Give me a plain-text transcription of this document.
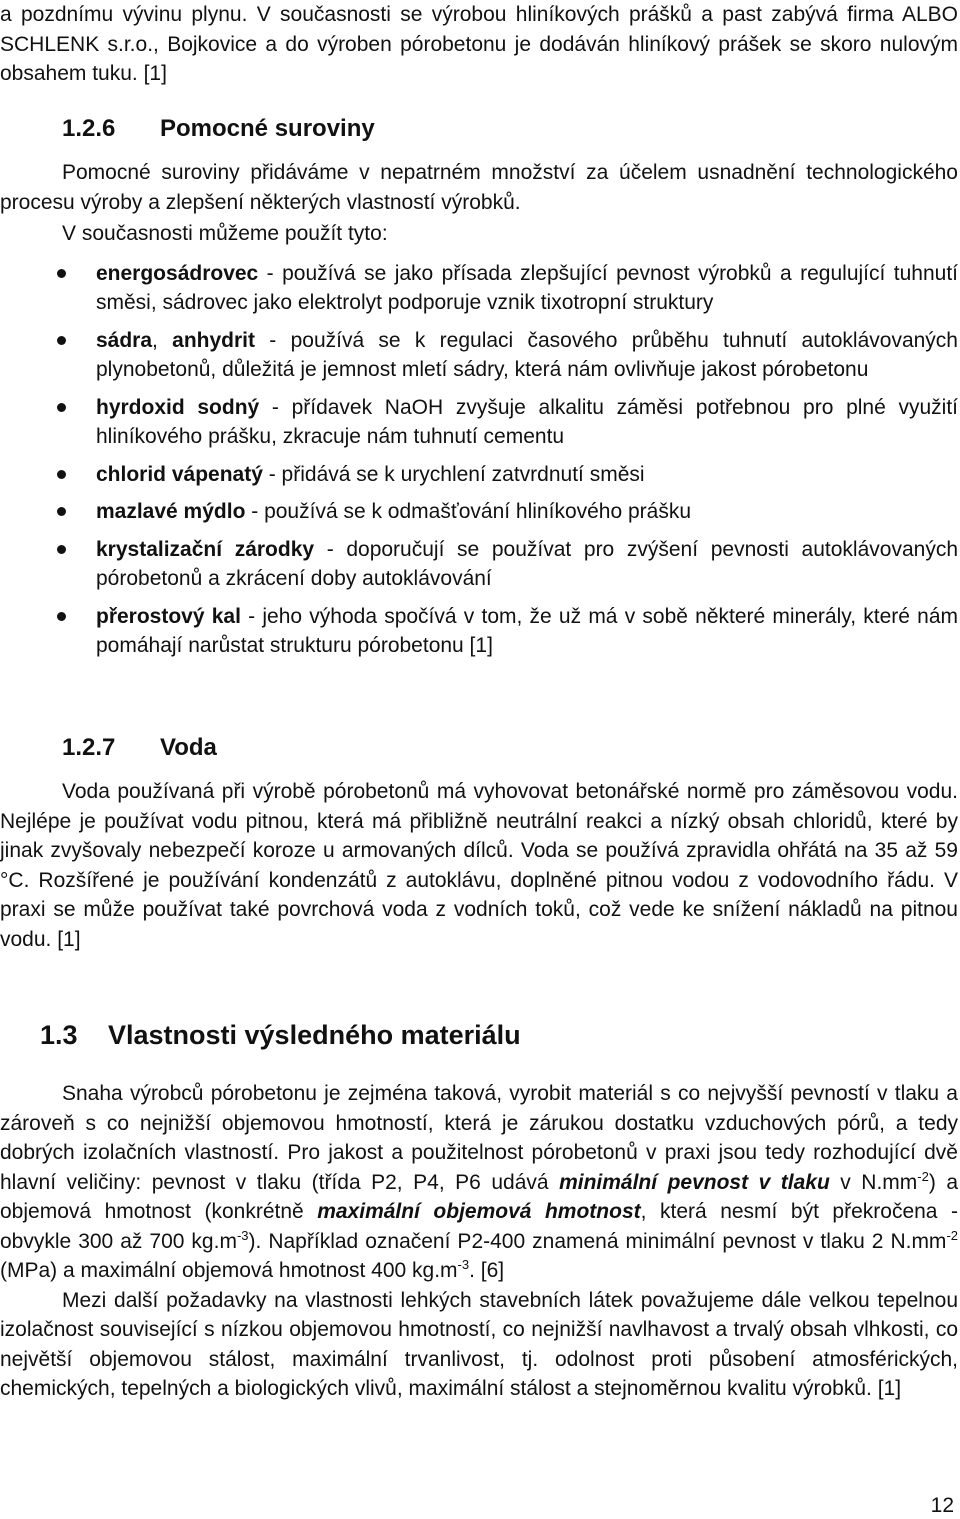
a pozdnímu vývinu plynu. V současnosti se výrobou hliníkových prášků a past zabývá firma ALBO SCHLENK s.r.o., Bojkovice a do výroben pórobetonu je dodáván hliníkový prášek se skoro nulovým obsahem tuku. [1]

1.2.6	Pomocné suroviny

Pomocné suroviny přidáváme v nepatrném množství za účelem usnadnění technologického procesu výroby a zlepšení některých vlastností výrobků.

V současnosti můžeme použít tyto:

energosádrovec - používá se jako přísada zlepšující pevnost výrobků a regulující tuhnutí směsi, sádrovec jako elektrolyt podporuje vznik tixotropní struktury
sádra, anhydrit - používá se k regulaci časového průběhu tuhnutí autoklávovaných plynobetonů, důležitá je jemnost mletí sádry, která nám ovlivňuje jakost pórobetonu
hyrdoxid sodný - přídavek NaOH zvyšuje alkalitu záměsi potřebnou pro plné využití hliníkového prášku, zkracuje nám tuhnutí cementu
chlorid vápenatý - přidává se k urychlení zatvrdnutí směsi
mazlavé mýdlo - používá se k odmašťování hliníkového prášku
krystalizační zárodky - doporučují se používat pro zvýšení pevnosti autoklávovaných pórobetonů a zkrácení doby autoklávování
přerostový kal - jeho výhoda spočívá v tom, že už má v sobě některé minerály, které nám pomáhají narůstat strukturu pórobetonu [1]
1.2.7	Voda

Voda používaná při výrobě pórobetonů má vyhovovat betonářské normě pro záměsovou vodu. Nejlépe je používat vodu pitnou, která má přibližně neutrální reakci a nízký obsah chloridů, které by jinak zvyšovaly nebezpečí koroze u armovaných dílců. Voda se používá zpravidla ohřátá na 35 až 59 °C. Rozšířené je používání kondenzátů z autoklávu, doplněné pitnou vodou z vodovodního řádu. V praxi se může používat také povrchová voda z vodních toků, což vede ke snížení nákladů na pitnou vodu. [1]

1.3	Vlastnosti výsledného materiálu

Snaha výrobců pórobetonu je zejména taková, vyrobit materiál s co nejvyšší pevností v tlaku a zároveň s co nejnižší objemovou hmotností, která je zárukou dostatku vzduchových pórů, a tedy dobrých izolačních vlastností. Pro jakost a použitelnost pórobetonů v praxi jsou tedy rozhodující dvě hlavní veličiny: pevnost v tlaku (třída P2, P4, P6 udává minimální pevnost v tlaku v $N.mm^{-2}$) a objemová hmotnost (konkrétně maximální objemová hmotnost, která nesmí být překročena - obvykle 300 až 700 $kg.m^{-3}$). Například označení P2-400 znamená minimální pevnost v tlaku 2 $N.mm^{-2}$ (MPa) a maximální objemová hmotnost 400 $kg.m^{-3}$. [6]

Mezi další požadavky na vlastnosti lehkých stavebních látek považujeme dále velkou tepelnou izolačnost související s nízkou objemovou hmotností, co nejnižší navlhavost a trvalý obsah vlhkosti, co největší objemovou stálost, maximální trvanlivost, tj. odolnost proti působení atmosférických, chemických, tepelných a biologických vlivů, maximální stálost a stejnoměrnou kvalitu výrobků. [1]

12
